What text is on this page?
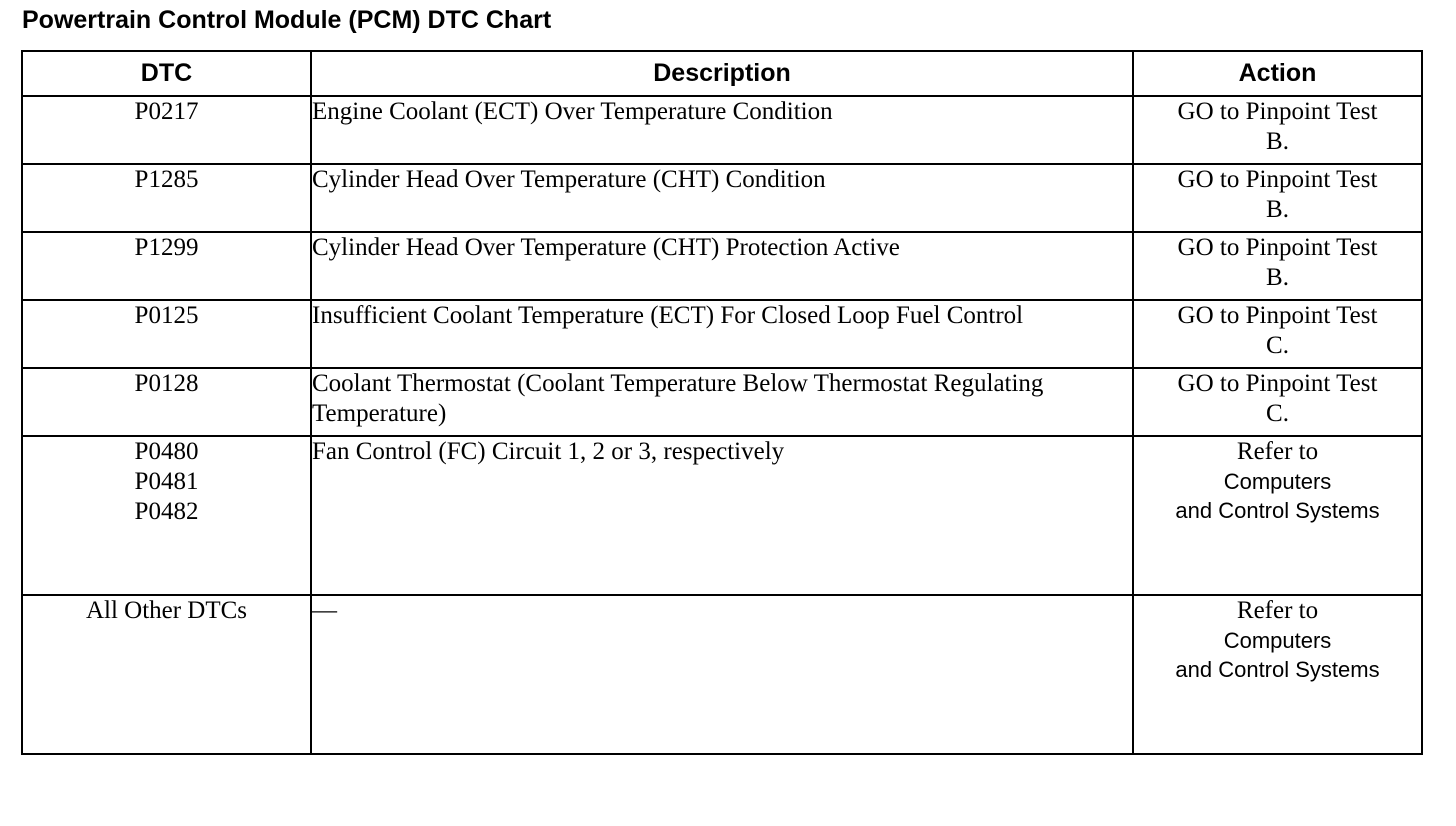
Powertrain Control Module (PCM) DTC Chart
DTC	Description	Action

P0217	Engine Coolant (ECT) Over Temperature Condition	GO to Pinpoint Test
B.

P1285	Cylinder Head Over Temperature (CHT) Condition	GO to Pinpoint Test
B.

P1299	Cylinder Head Over Temperature (CHT) Protection Active	GO to Pinpoint Test
B.

P0125	Insufficient Coolant Temperature (ECT) For Closed Loop Fuel Control	GO to Pinpoint Test
C.

P0128	Coolant Thermostat (Coolant Temperature Below Thermostat Regulating Temperature)	GO to Pinpoint Test
C.

P0480
P0481
P0482	Fan Control (FC) Circuit 1, 2 or 3, respectively	Refer to
Computers
and Control Systems

All Other DTCs	—	Refer to
Computers
and Control Systems
